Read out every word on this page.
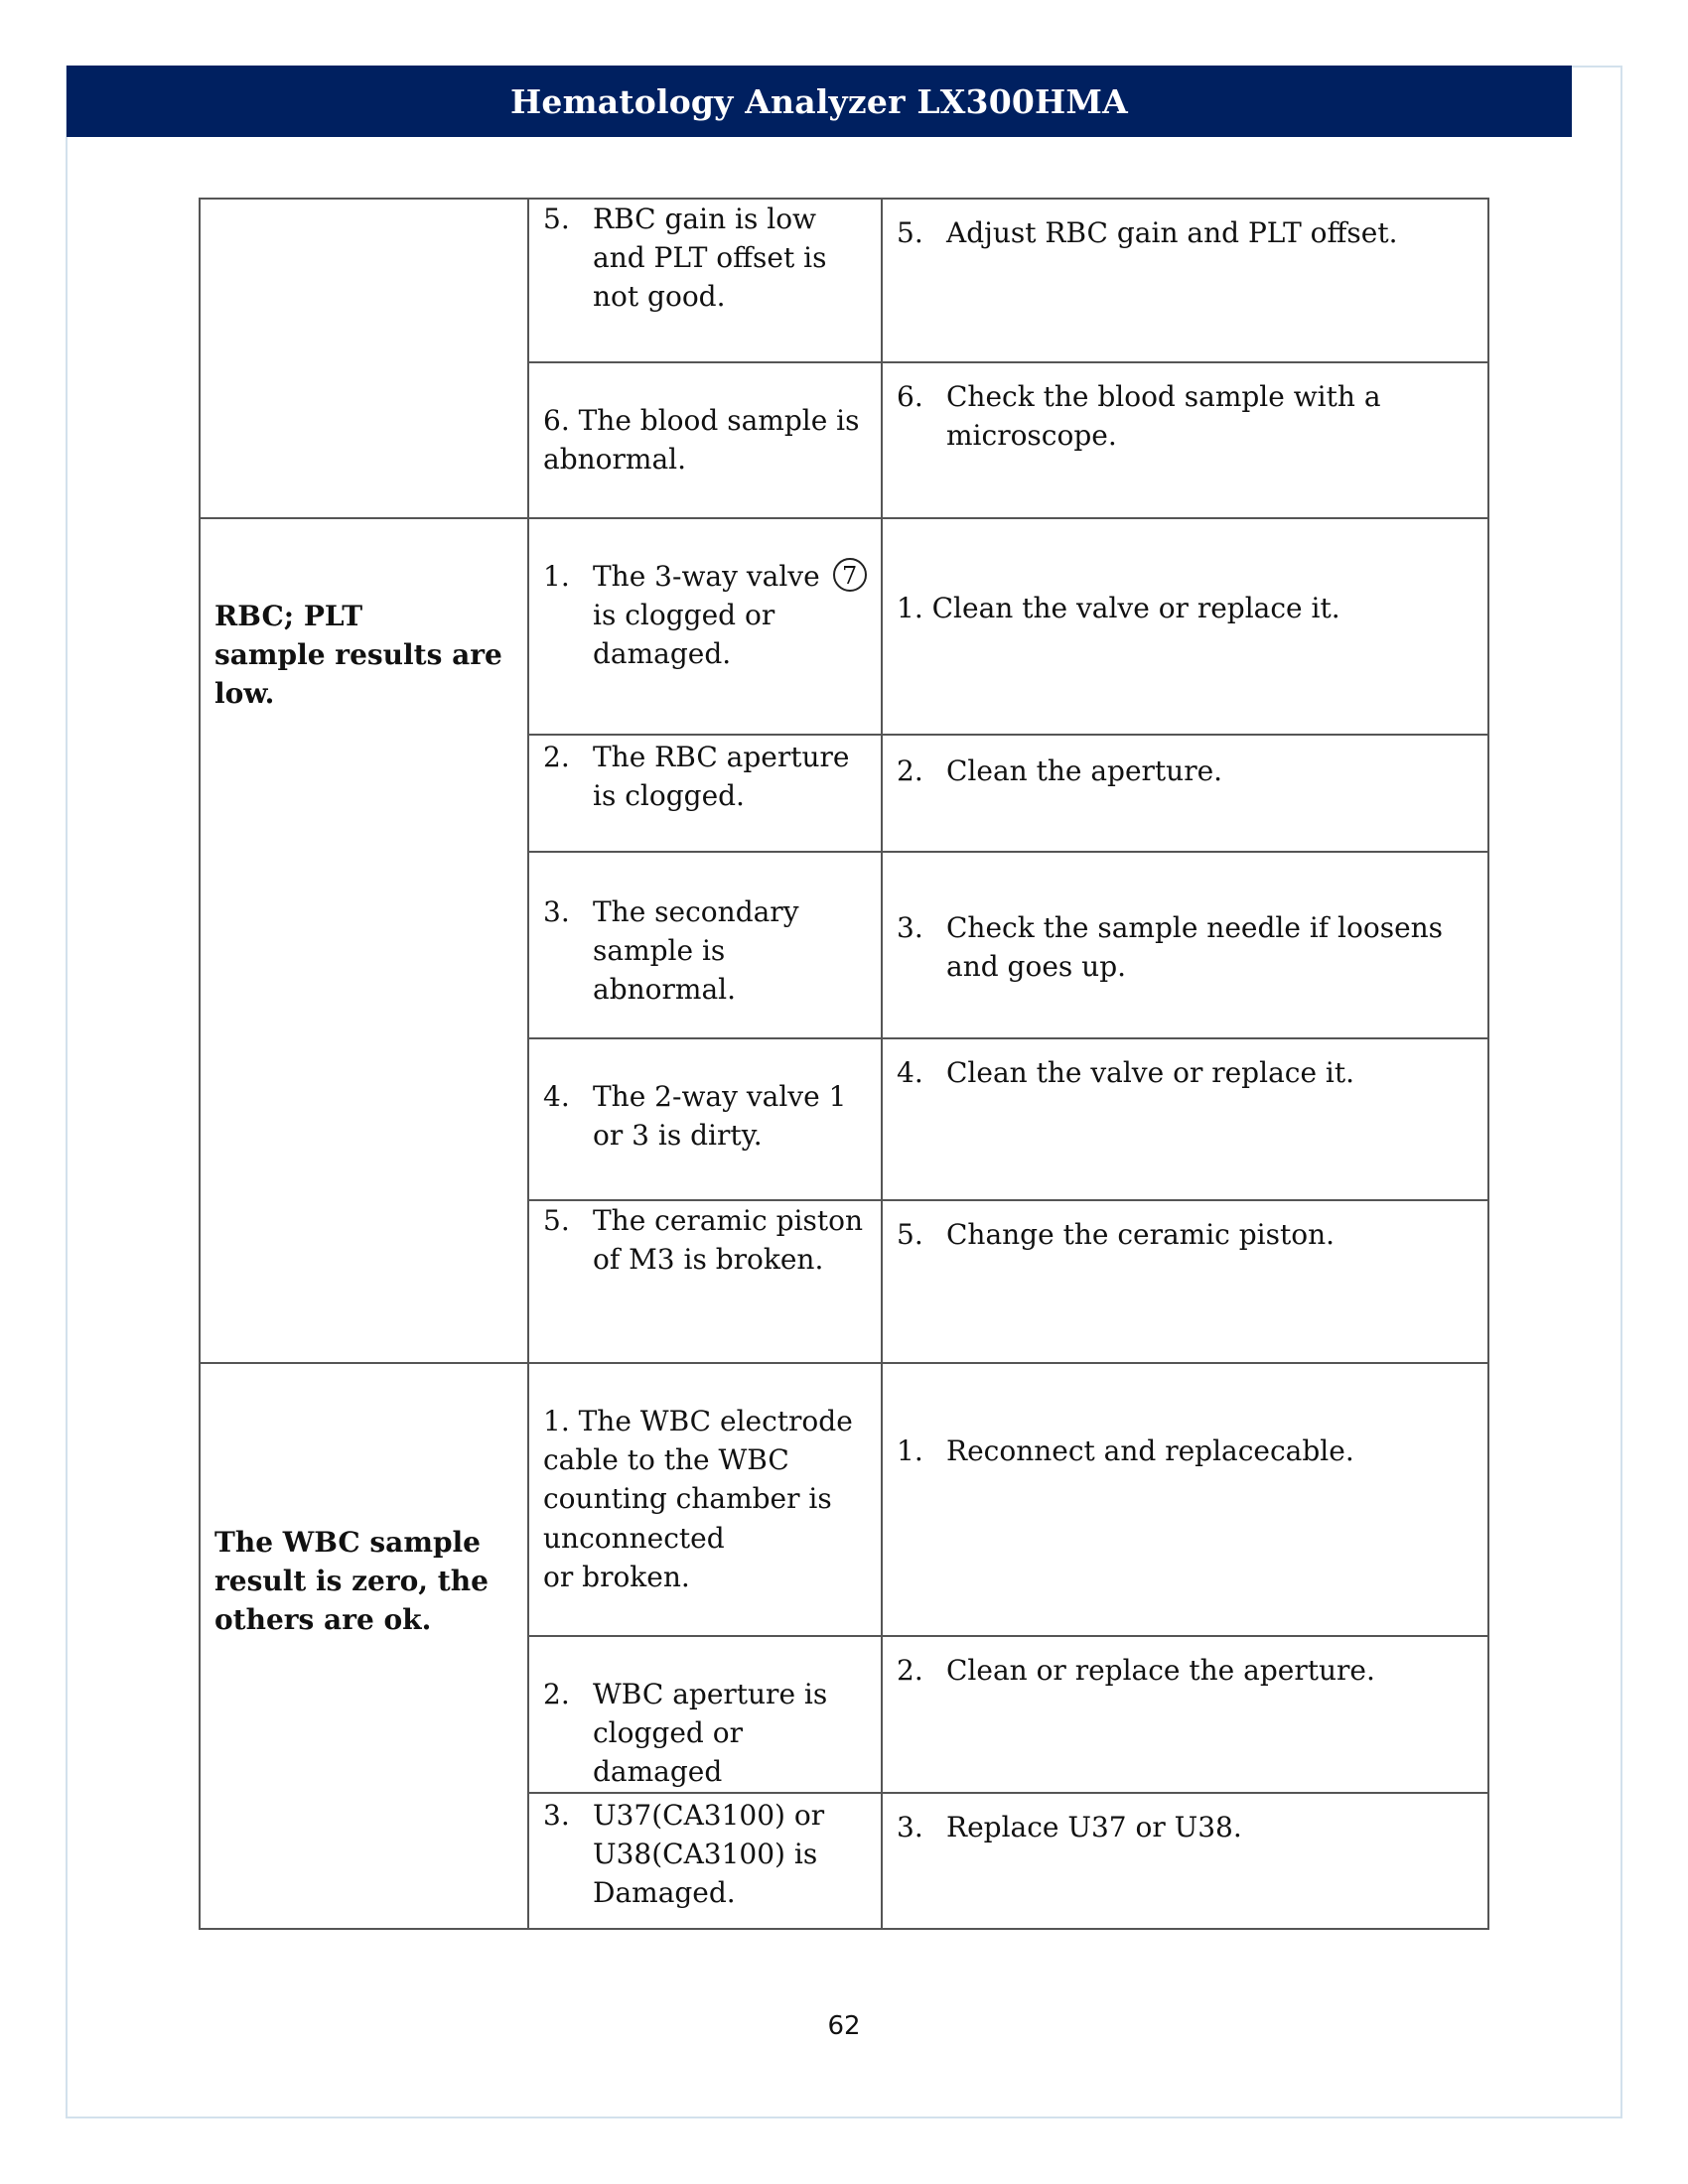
Hematology Analyzer LX300HMA

	5. RBC gain is low
and PLT offset is
not good.	5. Adjust RBC gain and PLT offset.

	6. The blood sample is
abnormal.	6. Check the blood sample with a
microscope.

RBC; PLT
sample results are
low.	1. The 3-way valve 7
is clogged or
damaged.	1. Clean the valve or replace it.

	2. The RBC aperture
is clogged.	2. Clean the aperture.

	3. The secondary
sample is
abnormal.	3. Check the sample needle if loosens
and goes up.

	4. The 2-way valve 1
or 3 is dirty.	4. Clean the valve or replace it.

	5. The ceramic piston
of M3 is broken.	5. Change the ceramic piston.

The WBC sample
result is zero, the
others are ok.	1. The WBC electrode
cable to the WBC
counting chamber is
unconnected
or broken.	1. Reconnect and replacecable.

	2. WBC aperture is
clogged or
damaged	2. Clean or replace the aperture.

	3. U37(CA3100) or
U38(CA3100) is
Damaged.	3. Replace U37 or U38.
62
